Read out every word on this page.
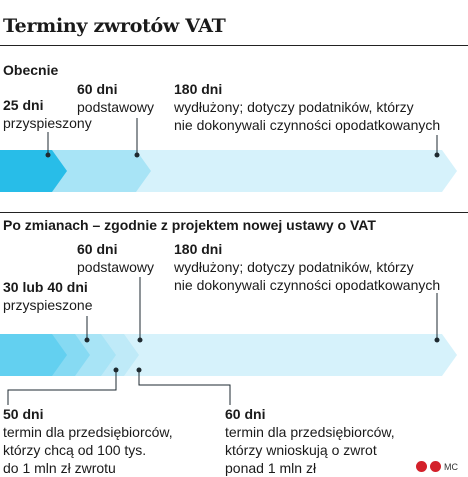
Terminy zwrotów VAT
Obecnie
25 dni
przyspieszony
60 dni
podstawowy
180 dni
wydłużony; dotyczy podatników, którzy
nie dokonywali czynności opodatkowanych
Po zmianach – zgodnie z projektem nowej ustawy o VAT
60 dni
podstawowy
180 dni
wydłużony; dotyczy podatników, którzy
nie dokonywali czynności opodatkowanych
30 lub 40 dni
przyspieszone
50 dni
termin dla przedsiębiorców,
którzy chcą od 100 tys.
do 1 mln zł zwrotu
60 dni
termin dla przedsiębiorców,
którzy wnioskują o zwrot
ponad 1 mln zł	MC
